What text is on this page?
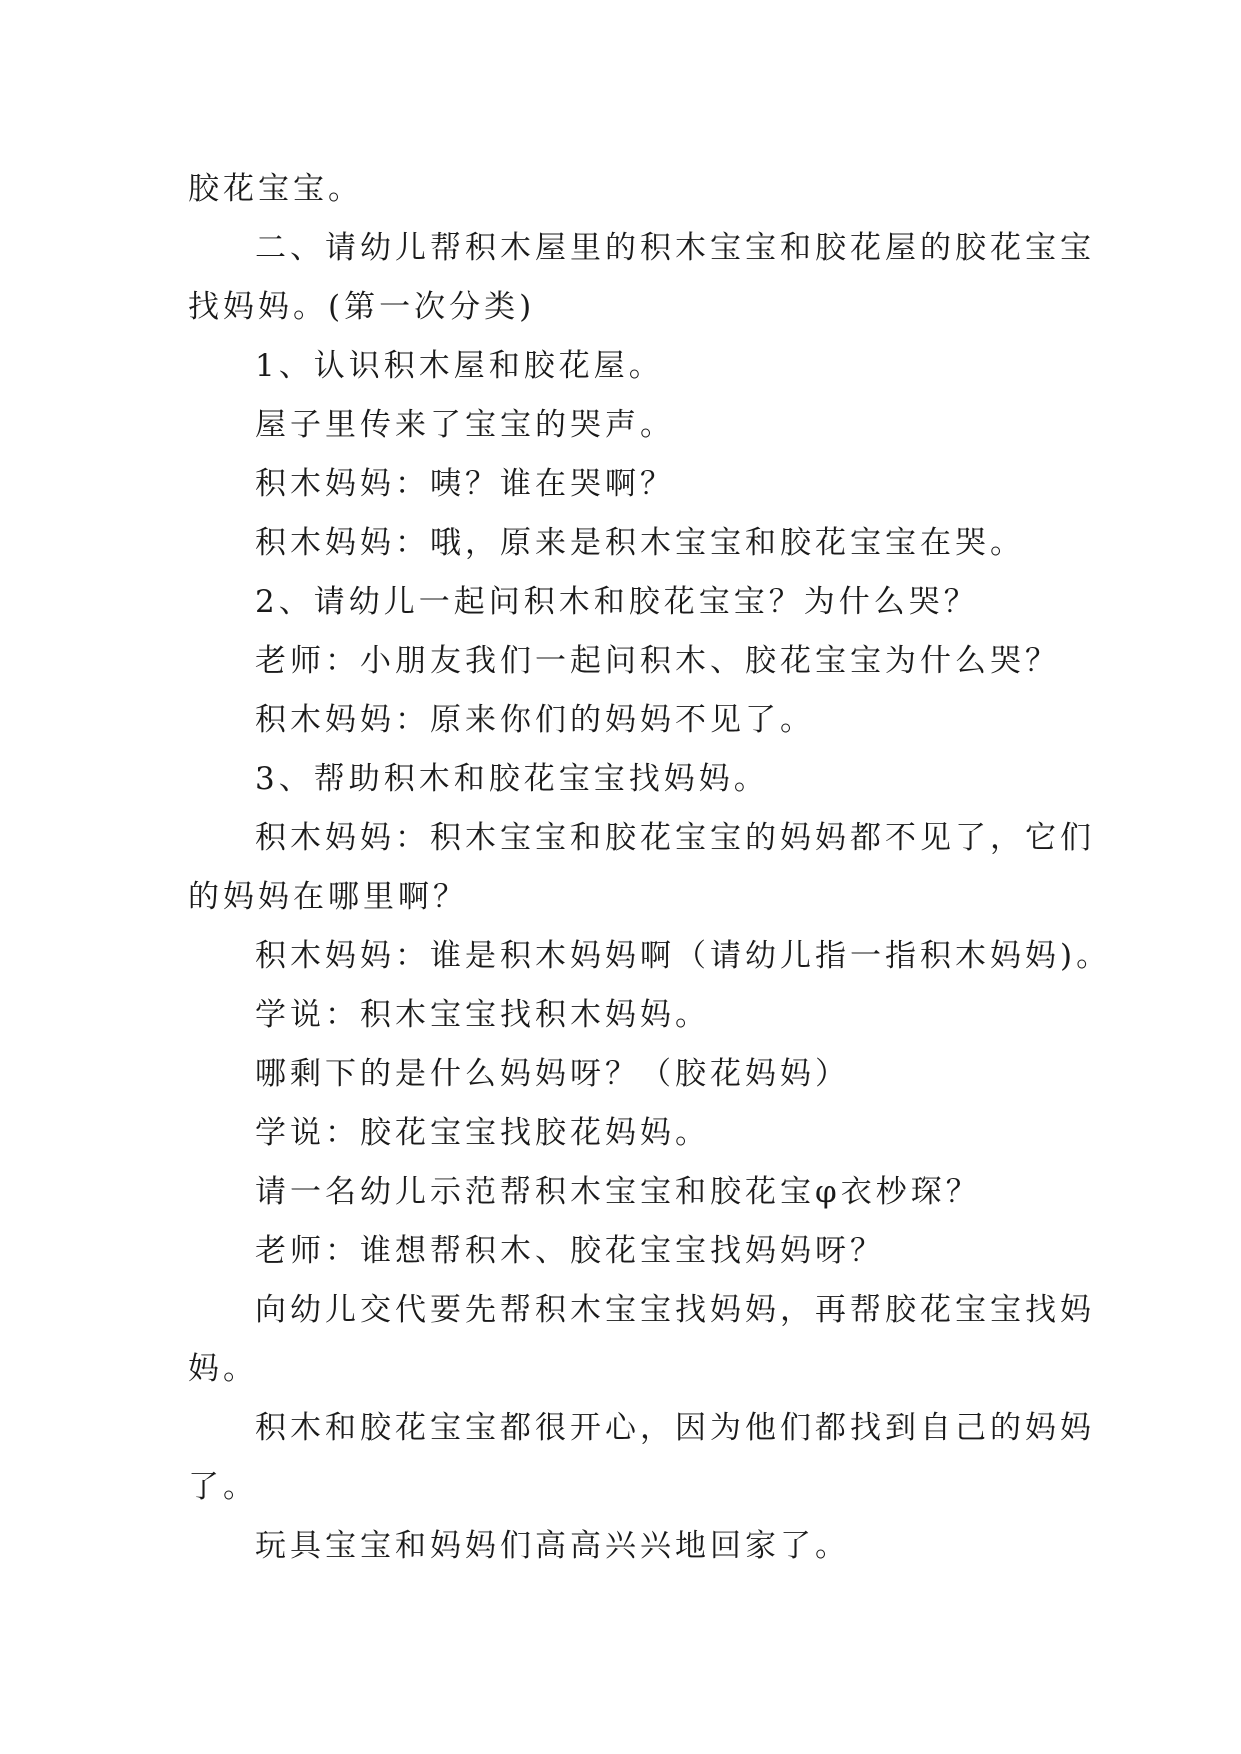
胶花宝宝。

二、请幼儿帮积木屋里的积木宝宝和胶花屋的胶花宝宝

找妈妈。(第一次分类)

1、认识积木屋和胶花屋。

屋子里传来了宝宝的哭声。

积木妈妈：咦？谁在哭啊？

积木妈妈：哦，原来是积木宝宝和胶花宝宝在哭。

2、请幼儿一起问积木和胶花宝宝？为什么哭？

老师：小朋友我们一起问积木、胶花宝宝为什么哭？

积木妈妈：原来你们的妈妈不见了。

3、帮助积木和胶花宝宝找妈妈。

积木妈妈：积木宝宝和胶花宝宝的妈妈都不见了，它们

的妈妈在哪里啊？

积木妈妈：谁是积木妈妈啊（请幼儿指一指积木妈妈)。

学说：积木宝宝找积木妈妈。

哪剩下的是什么妈妈呀？（胶花妈妈）

学说：胶花宝宝找胶花妈妈。

请一名幼儿示范帮积木宝宝和胶花宝φ衣杪琛？

老师：谁想帮积木、胶花宝宝找妈妈呀？

向幼儿交代要先帮积木宝宝找妈妈，再帮胶花宝宝找妈

妈。

积木和胶花宝宝都很开心，因为他们都找到自己的妈妈

了。

玩具宝宝和妈妈们高高兴兴地回家了。
